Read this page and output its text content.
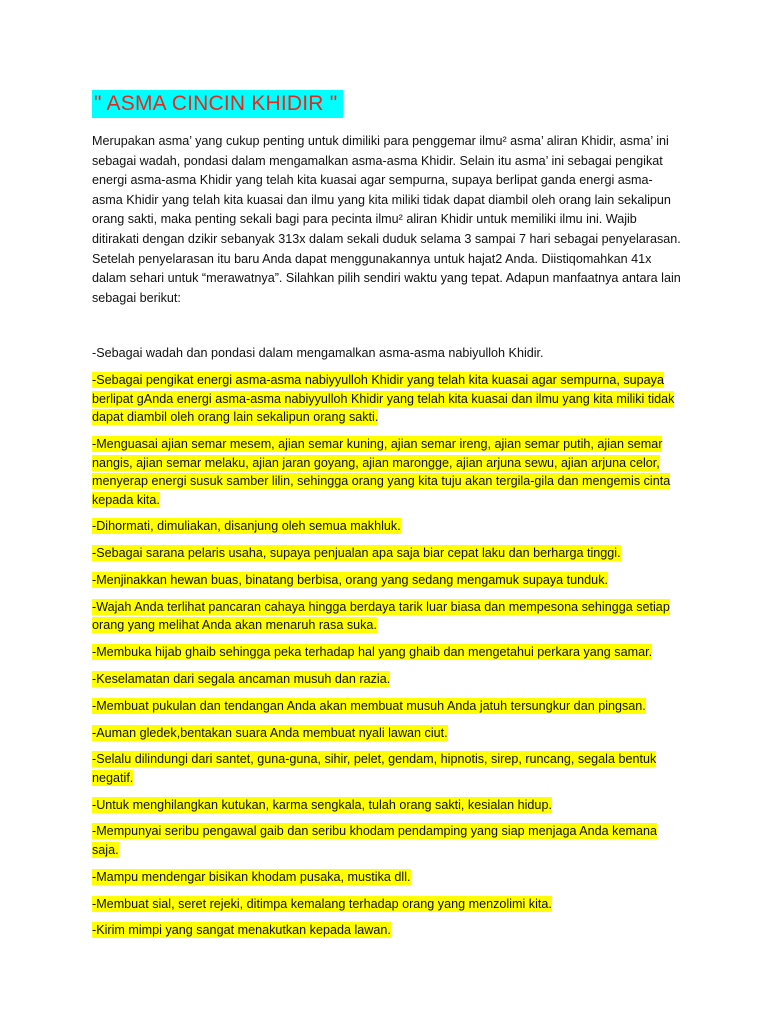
" ASMA CINCIN KHIDIR "

Merupakan asma’ yang cukup penting untuk dimiliki para penggemar ilmu² asma’ aliran Khidir, asma’ ini sebagai wadah, pondasi dalam mengamalkan asma-asma Khidir. Selain itu asma’ ini sebagai pengikat energi asma-asma Khidir yang telah kita kuasai agar sempurna, supaya berlipat ganda energi asma-asma Khidir yang telah kita kuasai dan ilmu yang kita miliki tidak dapat diambil oleh orang lain sekalipun orang sakti, maka penting sekali bagi para pecinta ilmu² aliran Khidir untuk memiliki ilmu ini. Wajib ditirakati dengan dzikir sebanyak 313x dalam sekali duduk selama 3 sampai 7 hari sebagai penyelarasan. Setelah penyelarasan itu baru Anda dapat menggunakannya untuk hajat2 Anda. Diistiqomahkan 41x dalam sehari untuk “merawatnya”. Silahkan pilih sendiri waktu yang tepat. Adapun manfaatnya antara lain sebagai berikut:

-Sebagai wadah dan pondasi dalam mengamalkan asma-asma nabiyulloh Khidir.

-Sebagai pengikat energi asma-asma nabiyyulloh Khidir yang telah kita kuasai agar sempurna, supaya berlipat gAnda energi asma-asma nabiyyulloh Khidir yang telah kita kuasai dan ilmu yang kita miliki tidak dapat diambil oleh orang lain sekalipun orang sakti.
-Menguasai ajian semar mesem, ajian semar kuning, ajian semar ireng, ajian semar putih, ajian semar nangis, ajian semar melaku, ajian jaran goyang, ajian marongge, ajian arjuna sewu, ajian arjuna celor, menyerap energi susuk samber lilin, sehingga orang yang kita tuju akan tergila-gila dan mengemis cinta kepada kita.
-Dihormati, dimuliakan, disanjung oleh semua makhluk.
-Sebagai sarana pelaris usaha, supaya penjualan apa saja biar cepat laku dan berharga tinggi.
-Menjinakkan hewan buas, binatang berbisa, orang yang sedang mengamuk supaya tunduk.
-Wajah Anda terlihat pancaran cahaya hingga berdaya tarik luar biasa dan mempesona sehingga setiap orang yang melihat Anda akan menaruh rasa suka.
-Membuka hijab ghaib sehingga peka terhadap hal yang ghaib dan mengetahui perkara yang samar.
-Keselamatan dari segala ancaman musuh dan razia.
-Membuat pukulan dan tendangan Anda akan membuat musuh Anda jatuh tersungkur dan pingsan.
-Auman gledek,bentakan suara Anda membuat nyali lawan ciut.
-Selalu dilindungi dari santet, guna-guna, sihir, pelet, gendam, hipnotis, sirep, runcang, segala bentuk negatif.
-Untuk menghilangkan kutukan, karma sengkala, tulah orang sakti, kesialan hidup.
-Mempunyai seribu pengawal gaib dan seribu khodam pendamping yang siap menjaga Anda kemana saja.
-Mampu mendengar bisikan khodam pusaka, mustika dll.
-Membuat sial, seret rejeki, ditimpa kemalang terhadap orang yang menzolimi kita.
-Kirim mimpi yang sangat menakutkan kepada lawan.
